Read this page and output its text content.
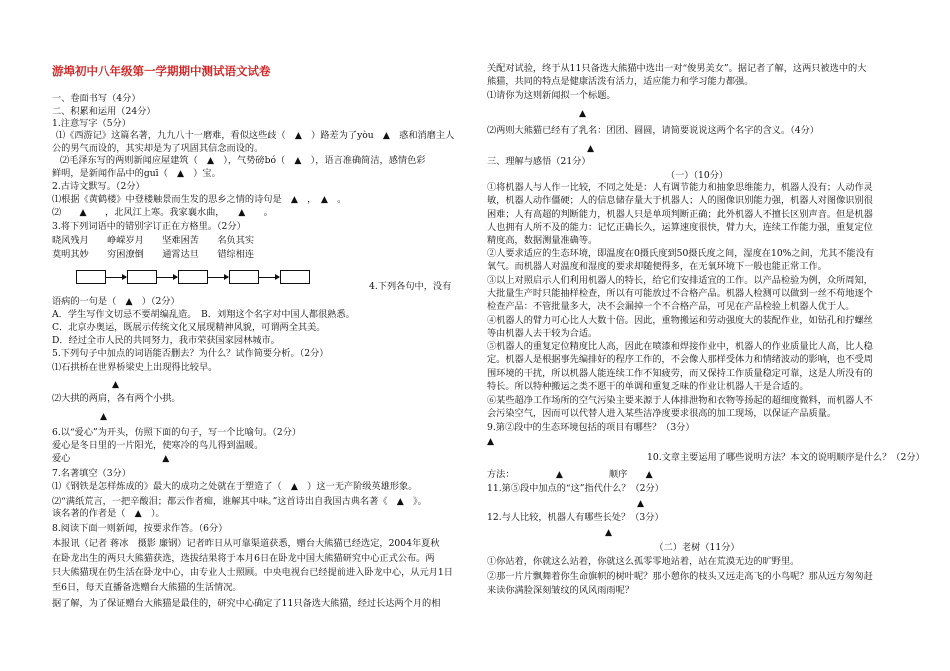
一、卷面书写（4分）
二、积累和运用（24分）
1.注意写字（5分）
⑴《西游记》这篇名著，九九八十一磨难，看似这些歧（　▲　）路差为了yòu　▲　惑和消磨主人
公的男气而设的，其实却是为了巩固其信念而设的。
⑵毛泽东写的两则新闻应屋建筑（　▲　），气势磅bó（　▲　），语言准确简洁，感情色彩
鲜明，是新闻作品中的guī（　▲　）宝。
2.古诗文默写。（2分）
⑴根据《黄鹤楼》中登楼触景而生发的思乡之情的诗句是　▲　，　▲　。
⑵　　▲　　，北风江上寒。我家襄水曲，　　▲　　。
3.将下列词语中的错别字订正在方格里。（2分）
晓风残月　　峥嵘岁月　　坚难困苦　　名负其实
莫明其妙　　穷困潦倒　　通霄达旦　　错综相连
4.下列各句中，没有
语病的一句是（　▲　）（2分）
A．学生写作文切忌不要胡编乱造。　B．刘翔这个名字对中国人都很熟悉。
C．北京办奥运，既展示传统文化又展现精神风貌，可谓两全其美。
D．经过全市人民的共同努力，我市荣获国家园林城市。
5.下列句子中加点的词语能否删去？为什么？试作简要分析。（2分）
⑴石拱桥在世界桥梁史上出现得比较早。
▲
⑵大拱的两肩，各有两个小拱。
▲
6.以“爱心”为开头，仿照下面的句子，写一个比喻句。（2分）
爱心是冬日里的一片阳光，使寒冷的鸟儿得到温暖。
爱心　　　　　　　　　　▲
7.名著填空（3分）
⑴《钢铁是怎样炼成的》最大的成功之处就在于塑造了（　▲　）这一无产阶级英雄形象。
⑵“满纸荒言，一把辛酸泪；都云作者痴，谁解其中味。”这首诗出自我国古典名著《　▲　》。
该名著的作者是（　▲　）。
8.阅读下面一则新闻，按要求作答。（6分）
本报讯（记者 蒋冰　摄影 廉钢）记者昨日从可靠渠道获悉，赠台大熊猫已经选定，2004年夏秋
在卧龙出生的两只大熊猫获选，选拔结果将于本月6日在卧龙中国大熊猫研究中心正式公布。两
只大熊猫现在仍生活在卧龙中心，由专业人士照顾。中央电视台已经提前进入卧龙中心，从元月1日
至6日，每天直播备选赠台大熊猫的生活情况。
据了解，为了保证赠台大熊猫是最佳的，研究中心确定了11只备选大熊猫，经过长达两个月的相
游埠初中八年级第一学期期中测试语文试卷	关配对试验，终于从11只备选大熊猫中选出一对“俊男美女”。据记者了解，这两只被选中的大
熊猫，共同的特点是健康活泼有活力，适应能力和学习能力都强。
⑴请你为这则新闻拟一个标题。
▲
⑵两则大熊猫已经有了乳名：团团、圆圆，请简要说说这两个名字的含义。（4分）
▲
三、理解与感悟（21分）
（一）（10分）
①将机器人与人作一比较，不同之处是：人有调节能力和抽象思维能力，机器人没有；人动作灵
敏，机器人动作僵硬；人的信息储存量大于机器人；人的图像识别能力强，机器人对图像识别很
困难；人有高超的判断能力，机器人只是单项判断正确；此外机器人不擅长区别声音。但是机器
人也拥有人所不及的能力：记忆正确长久，运算速度很快，臂力大，连续工作能力强，重复定位
精度高，数据测量准确等。
②人要求适应的生态环境，即温度在0摄氏度到50摄氏度之间，湿度在10%之间，尤其不能没有
氧气。而机器人对温度和湿度的要求却随便得多，在无氧环境下一般也能正常工作。
③以上对照启示人们利用机器人的特长，给它们安排适宜的工作。以产品检验为例，众所周知，
大批量生产时只能抽样检查，所以有可能放过不合格产品。机器人检测可以做到一丝不苟地逐个
检查产品：不管批量多大，决不会漏掉一个不合格产品，可见在产品检验上机器人优于人。
④机器人的臂力可心比人大数十倍。因此，重物搬运和劳动强度大的装配作业，如钻孔和拧螺丝
等由机器人去干较为合适。
⑤机器人的重复定位精度比人高，因此在喷漆和焊接作业中，机器人的作业质量比人高，比人稳
定。机器人是根据事先编排好的程序工作的，不会像人那样受体力和情绪波动的影响，也不受周
围环境的干扰，所以机器人能连续工作不知疲劳，而又保持工作质量稳定可靠，这是人所没有的
特长。所以特种搬运之类不愿干的单调和重复乏味的作业让机器人干是合适的。
⑥某些超净工作场所的空气污染主要来源于人体排泄物和衣物等扬起的超细度微料，而机器人不
会污染空气，因而可以代替人进入某些洁净度要求很高的加工现场，以保证产品质量。
9.第②段中的生态环境包括的项目有哪些？（3分）
▲
10.文章主要运用了哪些说明方法？本文的说明顺序是什么？（2分）
方法：　　　　　▲　　　　　顺序　　▲
11.第⑤段中加点的“这”指代什么？（2分）
▲
12.与人比较，机器人有哪些长处？（3分）
▲
（二）老树（11分）
①你站着，你就这么站着，你就这么孤零零地站着，站在荒漠无边的旷野里。
②那一片片飘舞着你生命旗帜的树叶呢？那小憩你的枝头又远走高飞的小鸟呢？那从远方匆匆赶
来读你满脸深刻皱纹的风风雨雨呢？
